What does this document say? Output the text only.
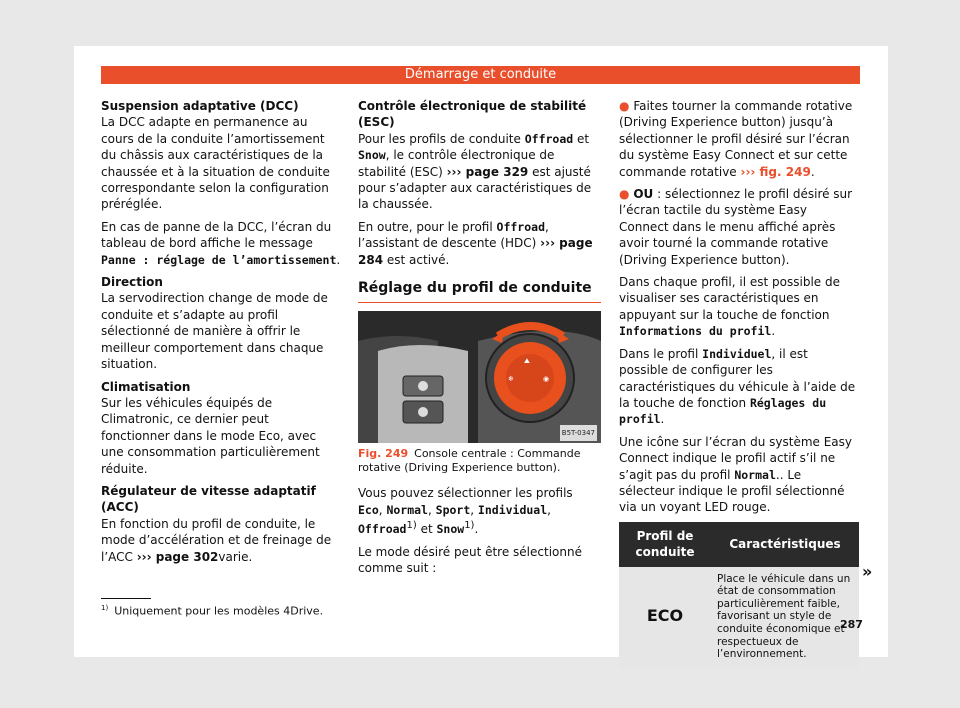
Démarrage et conduite
Suspension adaptative (DCC)

La DCC adapte en permanence au cours de la conduite l’amortissement du châssis aux caractéristiques de la chaussée et à la situation de conduite correspondante selon la configuration préréglée.

En cas de panne de la DCC, l’écran du tableau de bord affiche le message Panne : réglage de l’amortissement.

Direction

La servodirection change de mode de conduite et s’adapte au profil sélectionné de manière à offrir le meilleur comportement dans chaque situation.

Climatisation

Sur les véhicules équipés de Climatronic, ce dernier peut fonctionner dans le mode Eco, avec une consommation particulièrement réduite.

Régulateur de vitesse adaptatif (ACC)

En fonction du profil de conduite, le mode d’accélération et de freinage de l’ACC ››› page 302varie.

Contrôle électronique de stabilité (ESC)

Pour les profils de conduite Offroad et Snow, le contrôle électronique de stabilité (ESC) ››› page 329 est ajusté pour s’adapter aux caractéristiques de la chaussée.

En outre, pour le profil Offroad, l’assistant de descente (HDC) ››› page 284 est activé.

Réglage du profil de conduite
⛰
❄	◉
B5T-0347
Fig. 249 Console centrale : Commande rotative (Driving Experience button).

Vous pouvez sélectionner les profils Eco, Normal, Sport, Individual, Offroad$^{1)}$ et Snow$^{1)}$.

Le mode désiré peut être sélectionné comme suit :

● Faites tourner la commande rotative (Driving Experience button) jusqu’à sélectionner le profil désiré sur l’écran du système Easy Connect et sur cette commande rotative ››› fig. 249.

● OU : sélectionnez le profil désiré sur l’écran tactile du système Easy Connect dans le menu affiché après avoir tourné la commande rotative (Driving Experience button).

Dans chaque profil, il est possible de visualiser ses caractéristiques en appuyant sur la touche de fonction Informations du profil.

Dans le profil Individuel, il est possible de configurer les caractéristiques du véhicule à l’aide de la touche de fonction Réglages du profil.

Une icône sur l’écran du système Easy Connect indique le profil actif s’il ne s’agit pas du profil Normal.. Le sélecteur indique le profil sélectionné via un voyant LED rouge.

Profil de conduite	Caractéristiques
ECO	Place le véhicule dans un état de consommation particulièrement faible, favorisant un style de conduite économique et respectueux de l’environnement.
»
$^{1)}$ Uniquement pour les modèles 4Drive.
287
